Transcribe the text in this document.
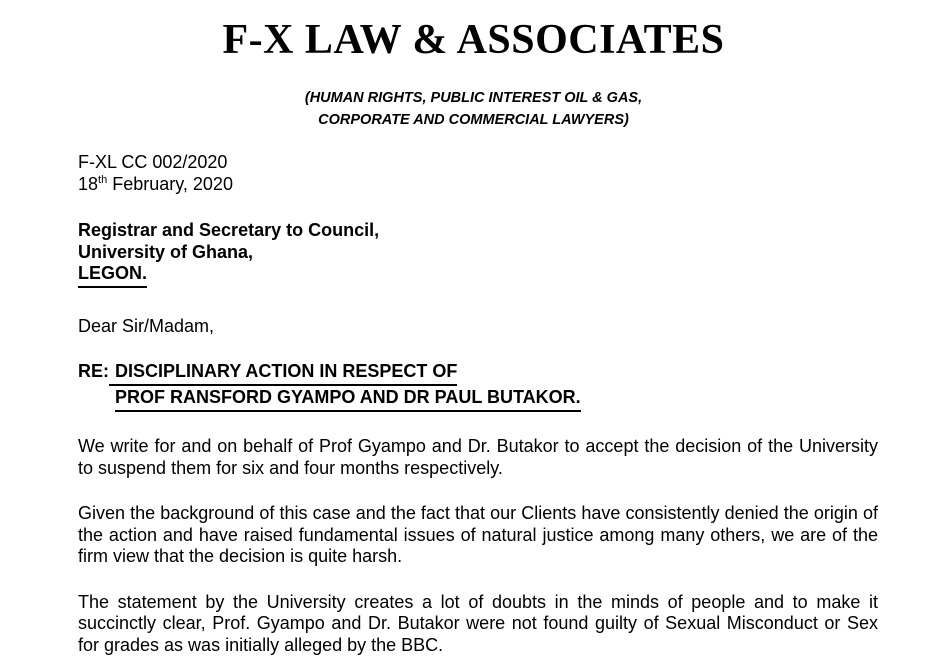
F-X LAW & ASSOCIATES
(HUMAN RIGHTS, PUBLIC INTEREST OIL & GAS,
CORPORATE AND COMMERCIAL LAWYERS)
F-XL CC 002/2020
18th February, 2020
Registrar and Secretary to Council,
University of Ghana,
LEGON.
Dear Sir/Madam,
RE: DISCIPLINARY ACTION IN RESPECT OF
PROF RANSFORD GYAMPO AND DR PAUL BUTAKOR.

We write for and on behalf of Prof Gyampo and Dr. Butakor to accept the decision of the University to suspend them for six and four months respectively.

Given the background of this case and the fact that our Clients have consistently denied the origin of the action and have raised fundamental issues of natural justice among many others, we are of the firm view that the decision is quite harsh.

The statement by the University creates a lot of doubts in the minds of people and to make it succinctly clear, Prof. Gyampo and Dr. Butakor were not found guilty of Sexual Misconduct or Sex for grades as was initially alleged by the BBC.
